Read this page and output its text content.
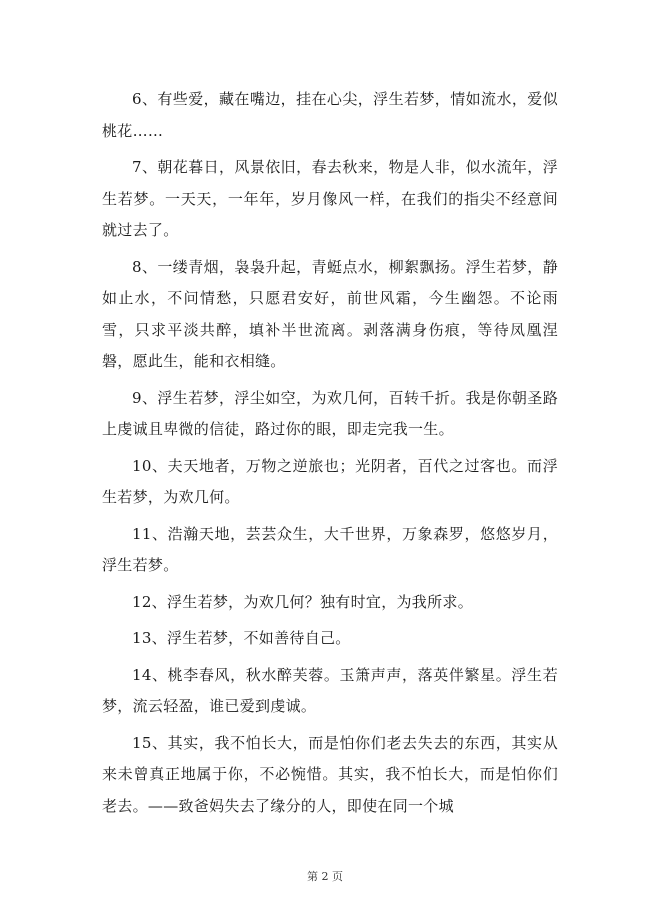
6、有些爱，藏在嘴边，挂在心尖，浮生若梦，情如流水，爱似桃花……

7、朝花暮日，风景依旧，春去秋来，物是人非，似水流年，浮生若梦。一天天，一年年，岁月像风一样，在我们的指尖不经意间就过去了。

8、一缕青烟，袅袅升起，青蜓点水，柳絮飘扬。浮生若梦，静如止水，不问情愁，只愿君安好，前世风霜，今生幽怨。不论雨雪，只求平淡共醉，填补半世流离。剥落满身伤痕，等待凤凰涅磐，愿此生，能和衣相缝。

9、浮生若梦，浮尘如空，为欢几何，百转千折。我是你朝圣路上虔诚且卑微的信徒，路过你的眼，即走完我一生。

10、夫天地者，万物之逆旅也；光阴者，百代之过客也。而浮生若梦，为欢几何。

11、浩瀚天地，芸芸众生，大千世界，万象森罗，悠悠岁月，浮生若梦。

12、浮生若梦，为欢几何？独有时宜，为我所求。

13、浮生若梦，不如善待自己。

14、桃李春风，秋水醉芙蓉。玉箫声声，落英伴繁星。浮生若梦，流云轻盈，谁已爱到虔诚。

15、其实，我不怕长大，而是怕你们老去失去的东西，其实从来未曾真正地属于你，不必惋惜。其实，我不怕长大，而是怕你们老去。——致爸妈失去了缘分的人，即使在同一个城

第 2 页
